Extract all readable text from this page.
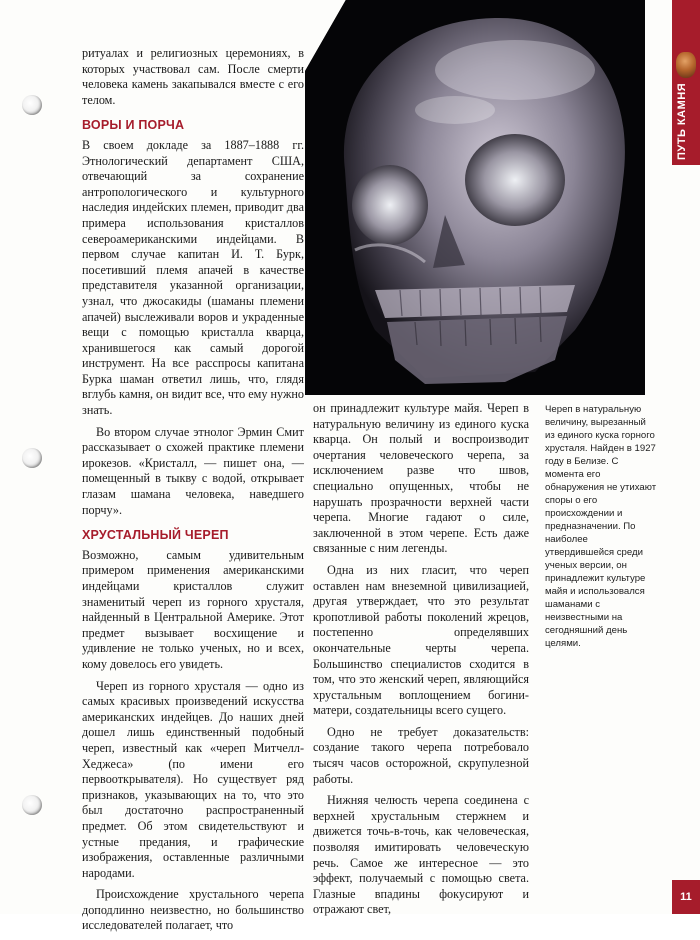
ПУТЬ КАМНЯ

ритуалах и религиозных церемониях, в которых участвовал сам. После смерти человека камень закапывался вместе с его телом.

ВОРЫ И ПОРЧА

В своем докладе за 1887–1888 гг. Этнологический департамент США, отвечающий за сохранение антропологического и культурного наследия индейских племен, приводит два примера использования кристаллов североамериканскими индейцами. В первом случае капитан И. Т. Бурк, посетивший племя апачей в качестве представителя указанной организации, узнал, что джосакиды (шаманы племени апачей) выслеживали воров и украденные вещи с помощью кристалла кварца, хранившегося как самый дорогой инструмент. На все расспросы капитана Бурка шаман ответил лишь, что, глядя вглубь камня, он видит все, что ему нужно знать.

Во втором случае этнолог Эрмин Смит рассказывает о схожей практике племени ирокезов. «Кристалл, — пишет она, — помещенный в тыкву с водой, открывает глазам шамана человека, наведшего порчу».

ХРУСТАЛЬНЫЙ ЧЕРЕП

Возможно, самым удивительным примером применения американскими индейцами кристаллов служит знаменитый череп из горного хрусталя, найденный в Центральной Америке. Этот предмет вызывает восхищение и удивление не только ученых, но и всех, кому довелось его увидеть.

Череп из горного хрусталя — одно из самых красивых произведений искусства американских индейцев. До наших дней дошел лишь единственный подобный череп, известный как «череп Митчелл-Хеджеса» (по имени его первооткрывателя). Но существует ряд признаков, указывающих на то, что это был достаточно распространенный предмет. Об этом свидетельствуют и устные предания, и графические изображения, оставленные различными народами.

Происхождение хрустального черепа доподлинно неизвестно, но большинство исследователей полагает, что

он принадлежит культуре майя. Череп в натуральную величину из единого куска кварца. Он полый и воспроизводит очертания человеческого черепа, за исключением разве что швов, специально опущенных, чтобы не нарушать прозрачности верхней части черепа. Многие гадают о силе, заключенной в этом черепе. Есть даже связанные с ним легенды.

Одна из них гласит, что череп оставлен нам внеземной цивилизацией, другая утверждает, что это результат кропотливой работы поколений жрецов, постепенно определявших окончательные черты черепа. Большинство специалистов сходится в том, что это женский череп, являющийся хрустальным воплощением богини-матери, создательницы всего сущего.

Одно не требует доказательств: создание такого черепа потребовало тысяч часов осторожной, скрупулезной работы.

Нижняя челюсть черепа соединена с верхней хрустальным стержнем и движется точь-в-точь, как человеческая, позволяя имитировать человеческую речь. Самое же интересное — это эффект, получаемый с помощью света. Глазные впадины фокусируют и отражают свет,

Череп в натуральную величину, вырезанный из единого куска горного хрусталя. Найден в 1927 году в Белизе. С момента его обнаружения не утихают споры о его происхождении и предназначении. По наиболее утвердившейся среди ученых версии, он принадлежит культуре майя и использовался шаманами с неизвестными на сегодняшний день целями.
11
